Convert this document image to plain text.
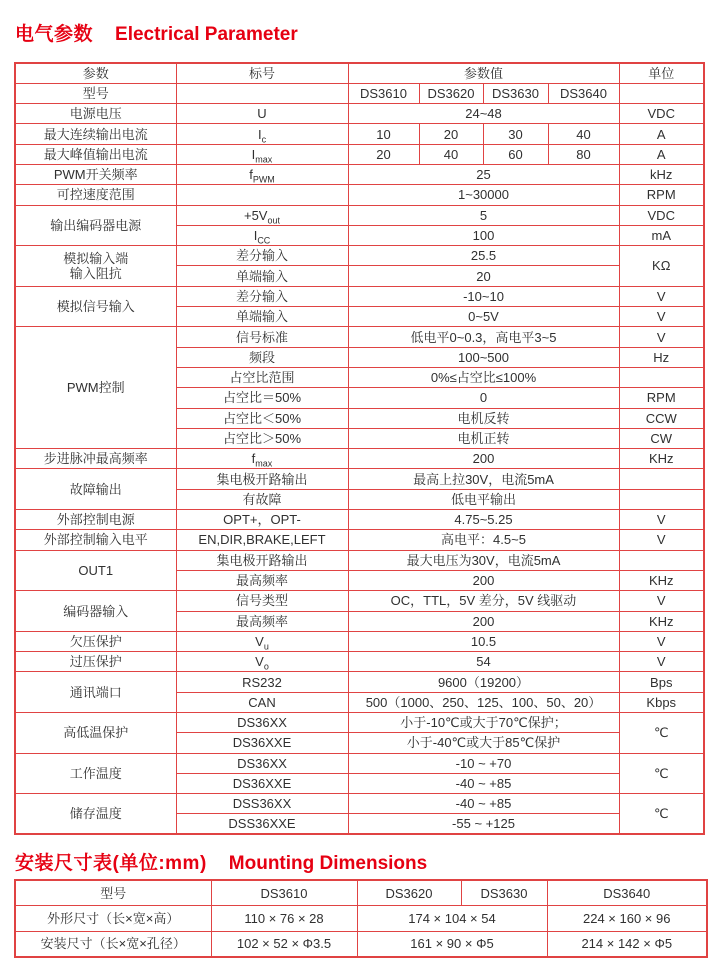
电气参数 Electrical Parameter
参数	标号	参数值				单位
型号		DS3610	DS3620	DS3630	DS3640	
电源电压	U	24~48				VDC
最大连续输出电流	$I_c$	10	20	30	40	A
最大峰值输出电流	$I_{max}$	20	40	60	80	A
PWM开关频率	$f_{PWM}$	25				kHz
可控速度范围		1~30000				RPM
输出编码器电源	$+5V_{out}$	5				VDC
	$I_{CC}$	100				mA

模拟输入端
输入阻抗	差分输入	25.5				KΩ
	单端输入	20				
模拟信号输入	差分输入	-10~10				V
	单端输入	0~5V				V
PWM控制	信号标准	低电平0~0.3，高电平3~5				V
	频段	100~500				Hz
	占空比范围	0%≤占空比≤100%				
	占空比＝50%	0				RPM
	占空比＜50%	电机反转				CCW
	占空比＞50%	电机正转				CW
步进脉冲最高频率	$f_{max}$	200				KHz
故障输出	集电极开路输出	最高上拉30V，电流5mA				
	有故障	低电平输出				
外部控制电源	OPT+，OPT-	4.75~5.25				V
外部控制输入电平	EN,DIR,BRAKE,LEFT	高电平：4.5~5				V
OUT1	集电极开路输出	最大电压为30V，电流5mA				
	最高频率	200				KHz
编码器输入	信号类型	OC，TTL，5V 差分，5V 线驱动				V
	最高频率	200				KHz
欠压保护	$V_u$	10.5				V
过压保护	$V_o$	54				V
通讯端口	RS232	9600（19200）				Bps
	CAN	500（1000、250、125、100、50、20）				Kbps
高低温保护	DS36XX	小于-10℃或大于70℃保护；				℃
	DS36XXE	小于-40℃或大于85℃保护				
工作温度	DS36XX	-10 ~ +70				℃
	DS36XXE	-40 ~ +85				
储存温度	DSS36XX	-40 ~ +85				℃
	DSS36XXE	-55 ~ +125				
安装尺寸表(单位:mm) Mounting Dimensions
型号	DS3610	DS3620	DS3630	DS3640
外形尺寸（长×宽×高）	110 × 76 × 28	174 × 104 × 54		224 × 160 × 96
安装尺寸（长×宽×孔径）	102 × 52 × Φ3.5	161 × 90 × Φ5		214 × 142 × Φ5
